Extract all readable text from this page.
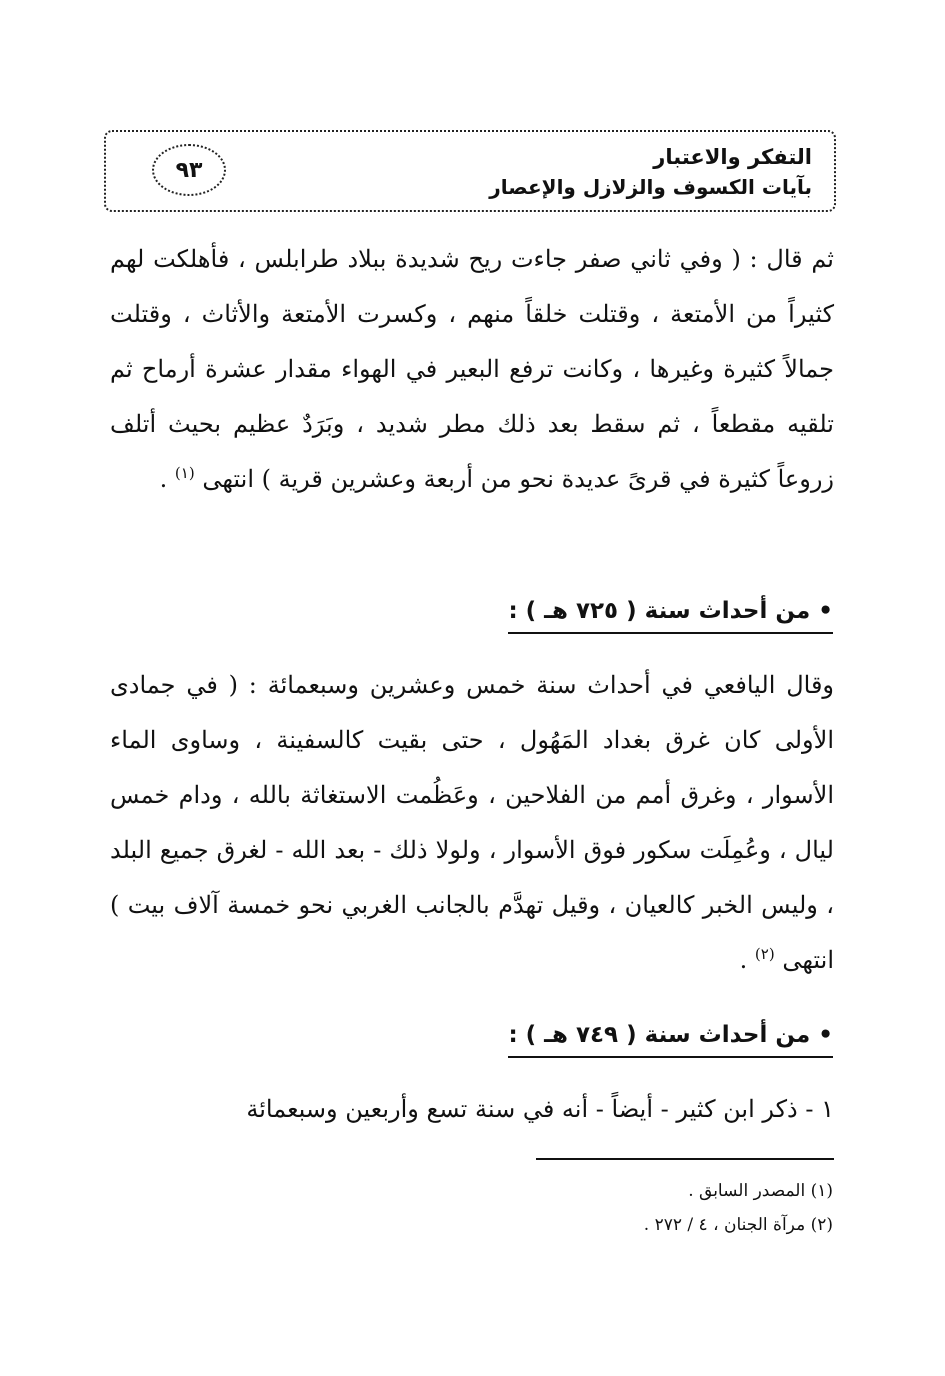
التفكر والاعتبار
بآيات الكسوف والزلازل والإعصار
٩٣

ثم قال : ( وفي ثاني صفر جاءت ريح شديدة ببلاد طرابلس ، فأهلكت لهم كثيراً من الأمتعة ، وقتلت خلقاً منهم ، وكسرت الأمتعة والأثاث ، وقتلت جمالاً كثيرة وغيرها ، وكانت ترفع البعير في الهواء مقدار عشرة أرماح ثم تلقيه مقطعاً ، ثم سقط بعد ذلك مطر شديد ، وبَرَدٌ عظيم بحيث أتلف زروعاً كثيرة في قرىً عديدة نحو من أربعة وعشرين قرية ) انتهى $^{(١)}$ .

• من أحداث سنة ( ٧٢٥ هـ ) :

وقال اليافعي في أحداث سنة خمس وعشرين وسبعمائة : ( في جمادى الأولى كان غرق بغداد المَهُول ، حتى بقيت كالسفينة ، وساوى الماء الأسوار ، وغرق أمم من الفلاحين ، وعَظُمت الاستغاثة بالله ، ودام خمس ليال ، وعُمِلَت سكور فوق الأسوار ، ولولا ذلك - بعد الله - لغرق جميع البلد ، وليس الخبر كالعيان ، وقيل تهدَّم بالجانب الغربي نحو خمسة آلاف بيت ) انتهى $^{(٢)}$ .

• من أحداث سنة ( ٧٤٩ هـ ) :

١ - ذكر ابن كثير - أيضاً - أنه في سنة تسع وأربعين وسبعمائة

(١) المصدر السابق .
(٢) مرآة الجنان ، ٤ / ٢٧٢ .
